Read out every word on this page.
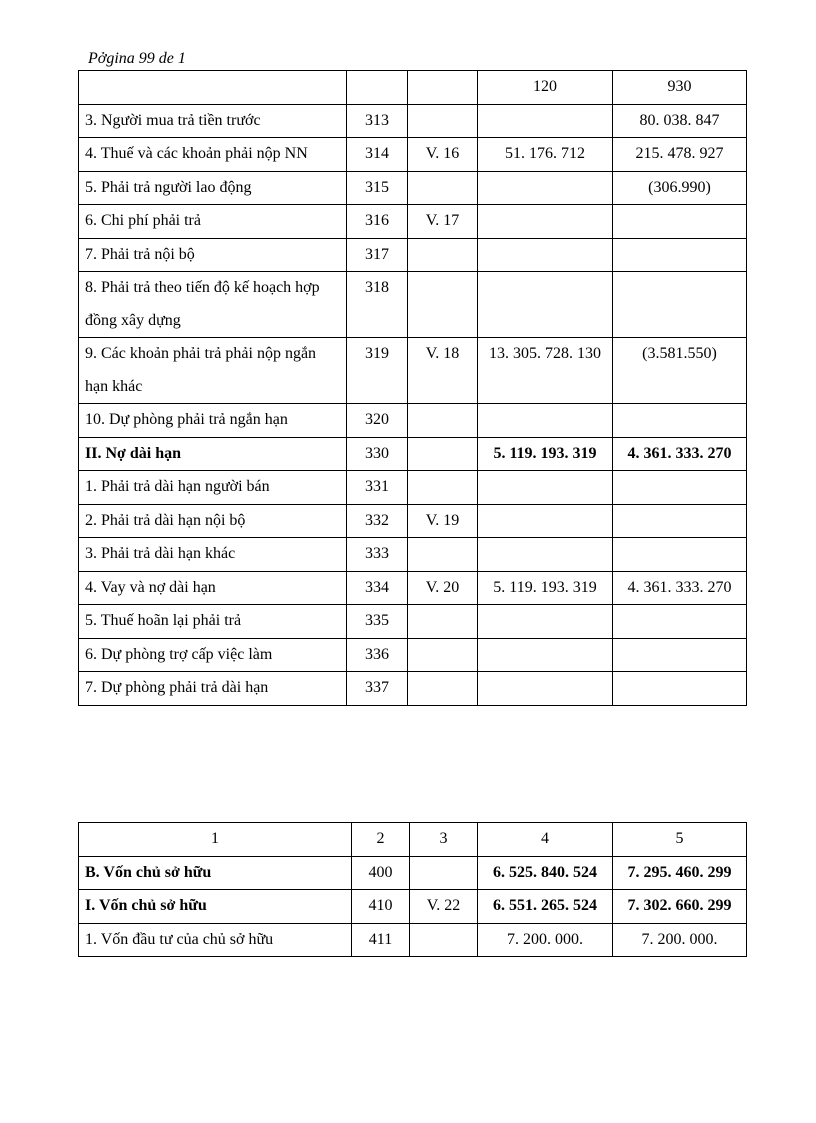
Pởgina 99 de 1
			120	930
3. Người mua trả tiền trước	313			80. 038. 847
4. Thuế và các khoản phải nộp NN	314	V. 16	51. 176. 712	215. 478. 927
5. Phải trả người lao động	315			(306.990)
6. Chi phí phải trả	316	V. 17		
7. Phải trả nội bộ	317			
8. Phải trả theo tiến độ kế hoạch hợp đồng xây dựng	318			
9. Các khoản phải trả phải nộp ngắn hạn khác	319	V. 18	13. 305. 728. 130	(3.581.550)
10. Dự phòng phải trả ngắn hạn	320			
II. Nợ dài hạn	330		5. 119. 193. 319	4. 361. 333. 270
1. Phải trả dài hạn người bán	331			
2. Phải trả dài hạn nội bộ	332	V. 19		
3. Phải trả dài hạn khác	333			
4. Vay và nợ dài hạn	334	V. 20	5. 119. 193. 319	4. 361. 333. 270
5. Thuế hoãn lại phải trả	335			
6. Dự phòng trợ cấp việc làm	336			
7. Dự phòng phải trả dài hạn	337			
1	2	3	4	5
B. Vốn chủ sở hữu	400		6. 525. 840. 524	7. 295. 460. 299
I. Vốn chủ sở hữu	410	V. 22	6. 551. 265. 524	7. 302. 660. 299
1. Vốn đầu tư của chủ sở hữu	411		7. 200. 000.	7. 200. 000.
